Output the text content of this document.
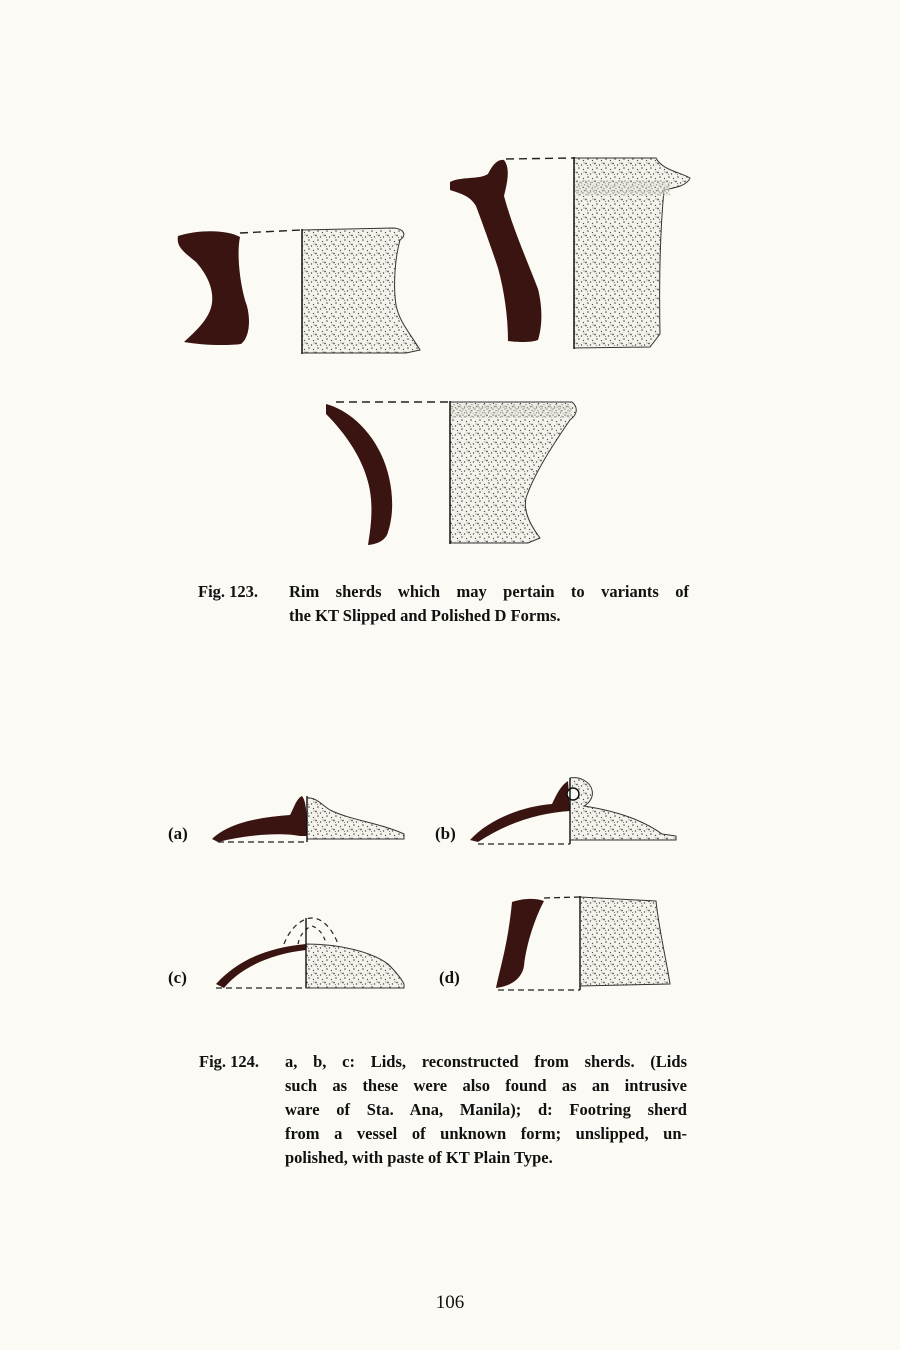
Fig. 123. Rim sherds which may pertain to variants of
the KT Slipped and Polished D Forms.
(a)	(b)
(c)	(d)
Fig. 124. a, b, c: Lids, reconstructed from sherds. (Lids
such as these were also found as an intrusive
ware of Sta. Ana, Manila); d: Footring sherd
from a vessel of unknown form; unslipped, un-
polished, with paste of KT Plain Type.
106
